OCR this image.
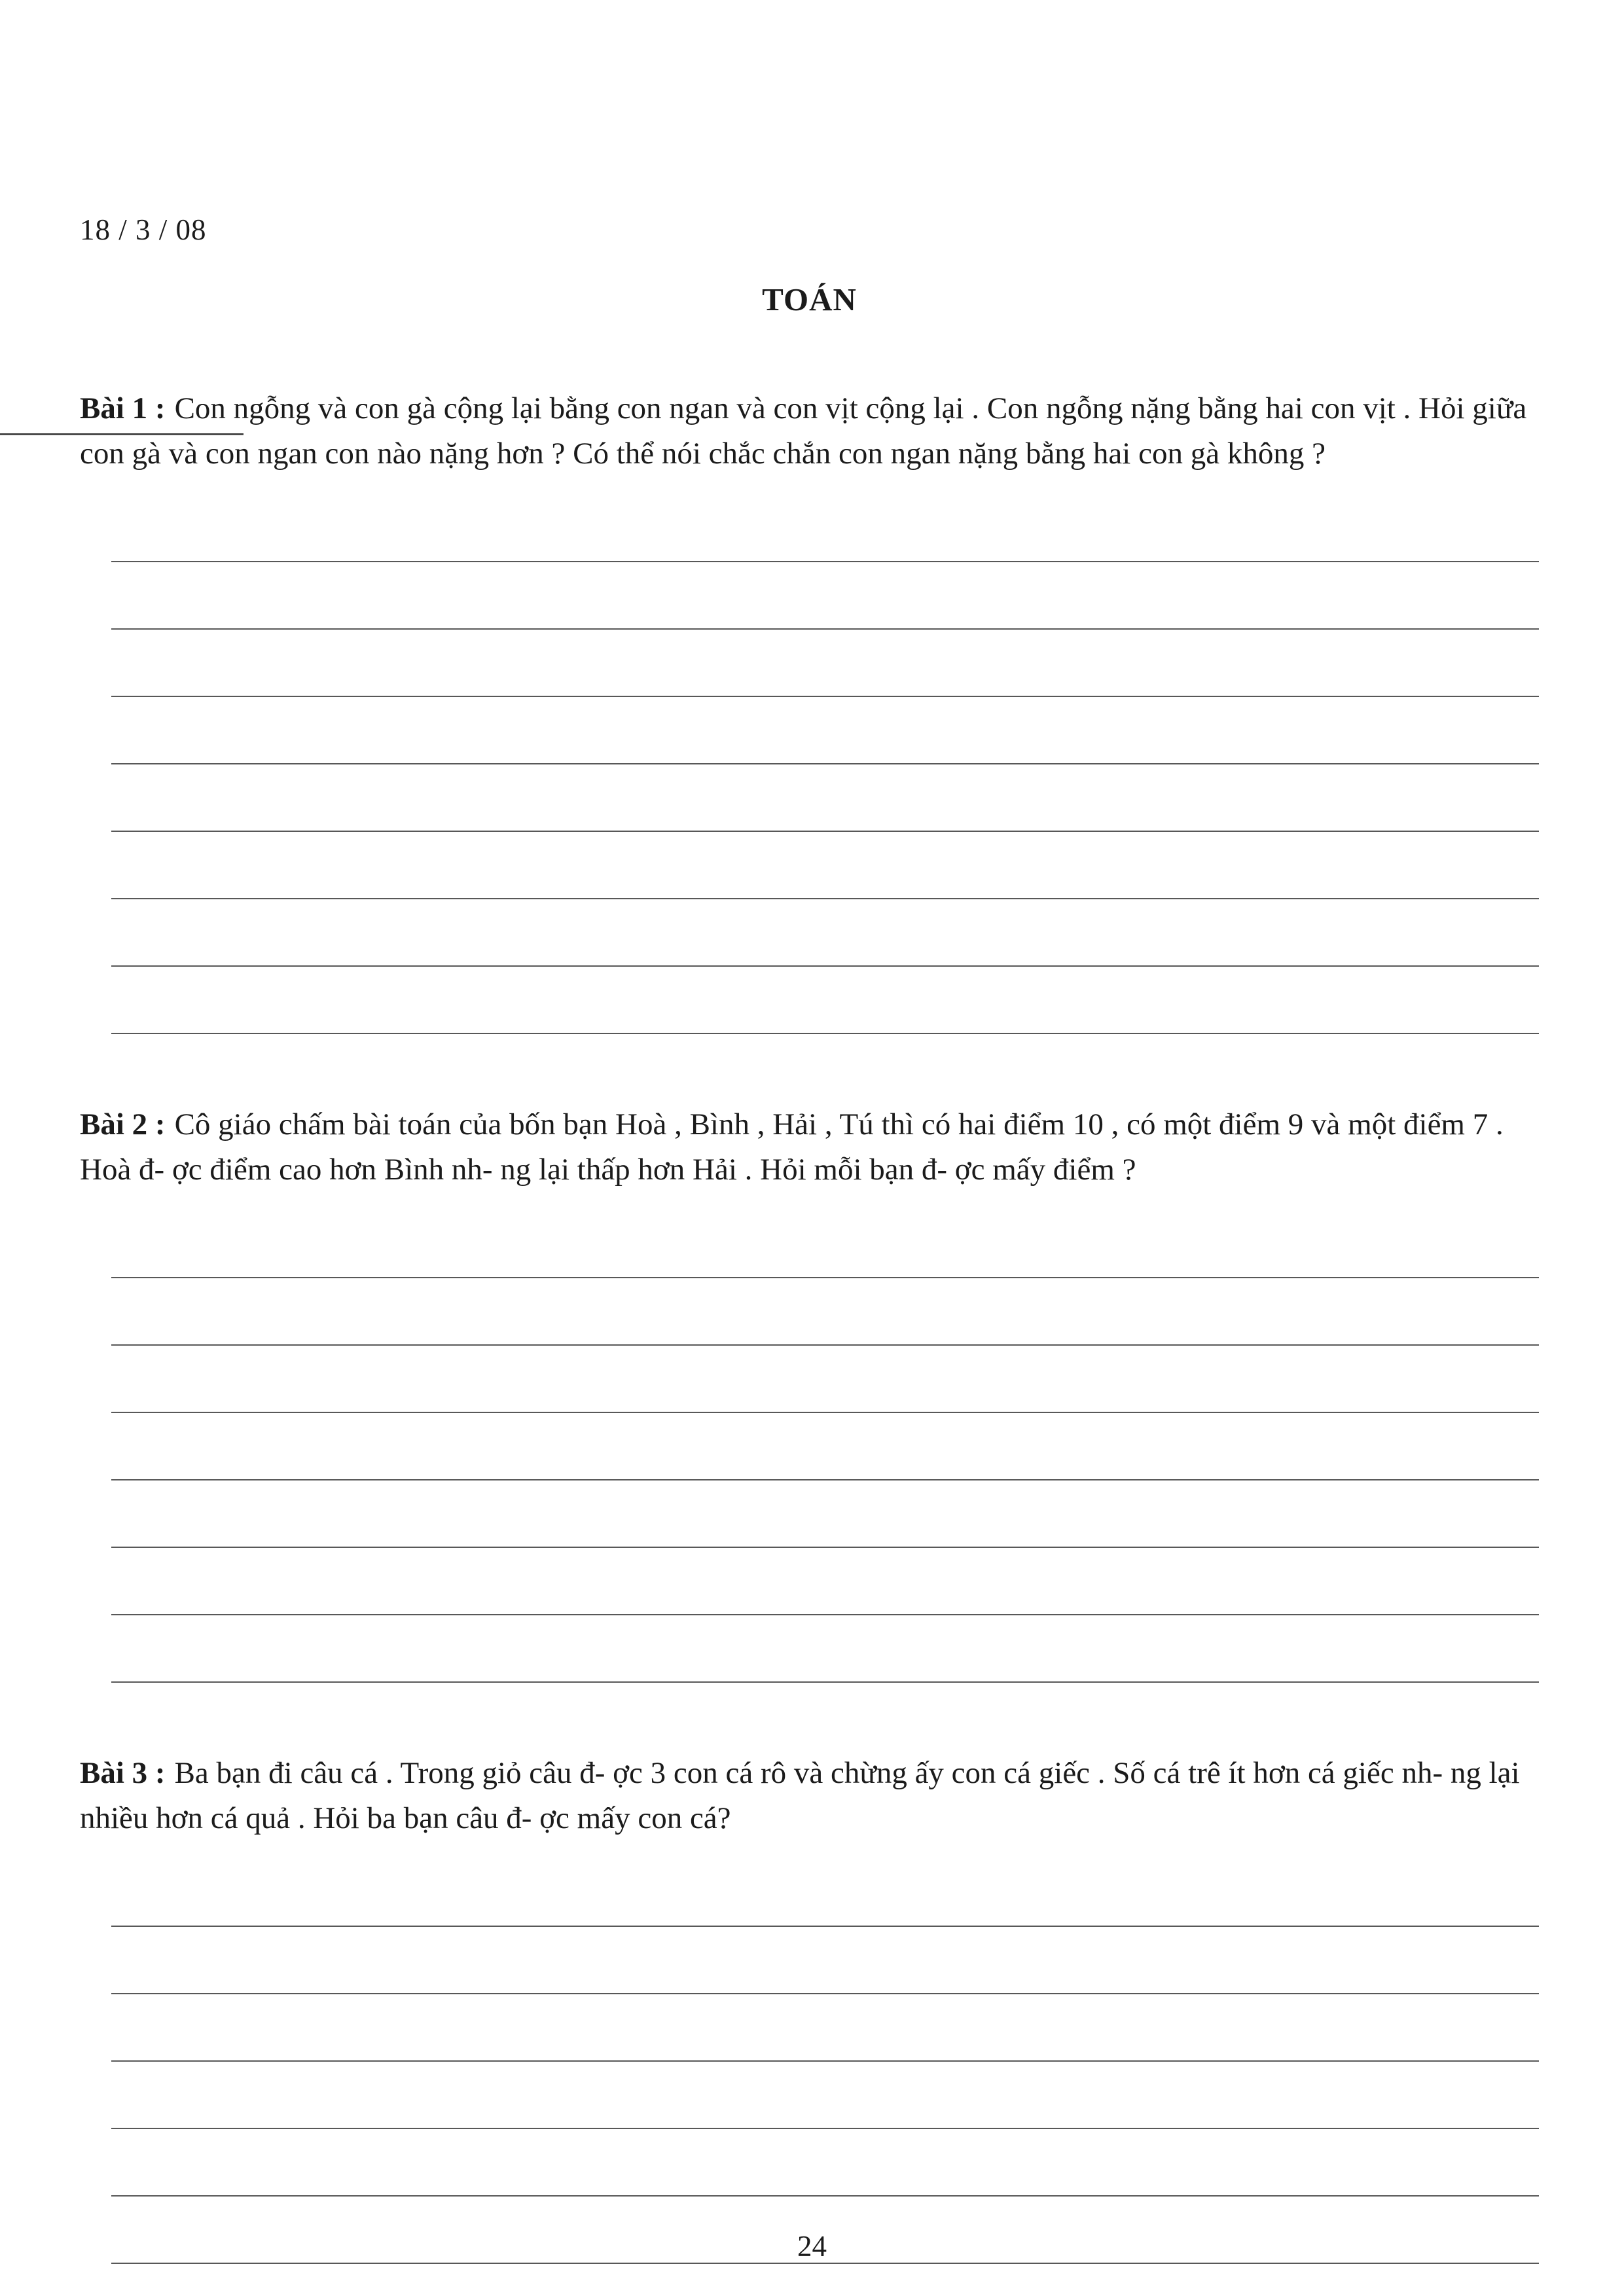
18 / 3 / 08
TOÁN

Bài 1 : Con ngỗng và con gà cộng lại bằng con ngan và con vịt cộng lại . Con ngỗng nặng bằng hai con vịt . Hỏi giữa con gà và con ngan con nào nặng hơn ? Có thể nói chắc chắn con ngan nặng bằng hai con gà không ?

Bài 2 : Cô giáo chấm bài toán của bốn bạn Hoà , Bình , Hải , Tú thì có hai điểm 10 , có một điểm 9 và một điểm 7 . Hoà đ- ợc điểm cao hơn Bình nh- ng lại thấp hơn Hải . Hỏi mỗi bạn đ- ợc mấy điểm ?

Bài 3 : Ba bạn đi câu cá . Trong giỏ câu đ- ợc 3 con cá rô và chừng ấy con cá giếc . Số cá trê ít hơn cá giếc nh- ng lại nhiều hơn cá quả . Hỏi ba bạn câu đ- ợc mấy con cá?

24
